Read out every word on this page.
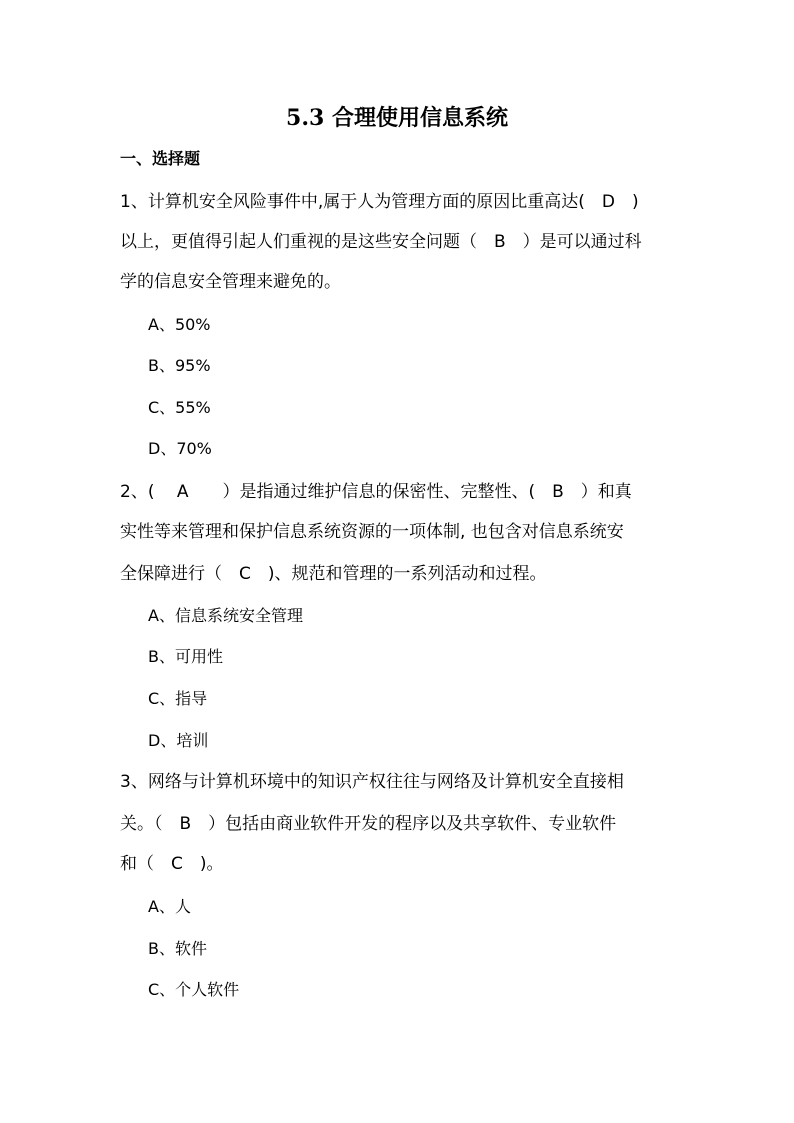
5.3 合理使用信息系统
一、选择题

1、计算机安全风险事件中,属于人为管理方面的原因比重高达(　D　)

以上，更值得引起人们重视的是这些安全问题（　B　）是可以通过科

学的信息安全管理来避免的。

A、50%

B、95%

C、55%

D、70%

2、(　 A　　）是指通过维护信息的保密性、完整性、(　B　）和真

实性等来管理和保护信息系统资源的一项体制, 也包含对信息系统安

全保障进行（　C　)、规范和管理的一系列活动和过程。

A、信息系统安全管理

B、可用性

C、指导

D、培训

3、网络与计算机环境中的知识产权往往与网络及计算机安全直接相

关。（　B　）包括由商业软件开发的程序以及共享软件、专业软件

和（　C　)。

A、人

B、软件

C、个人软件
